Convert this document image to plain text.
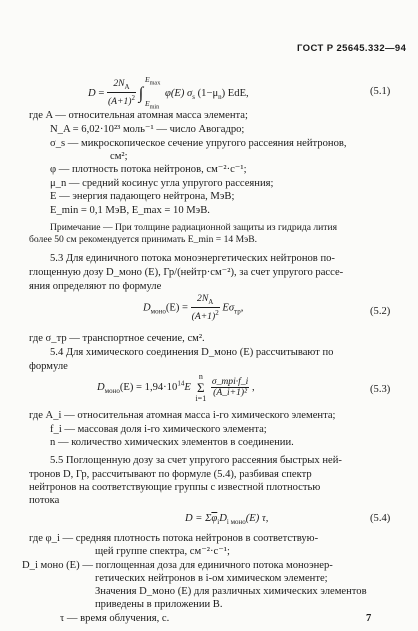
ГОСТ Р 25645.332—94
$D = \frac{2N_A}{(A+1)^2}$ ∫
$E_{max}$
$E_{min}$
φ(E) $\sigma_s$ $(1-\mu_n)$ EdE,	(5.1)
где A — относительная атомная масса элемента;
N_A = 6,02·10²³ моль⁻¹ — число Авогадро;
σ_s — микроскопическое сечение упругого рассеяния нейтронов,
см²;
φ — плотность потока нейтронов, см⁻²·с⁻¹;
μ_n — средний косинус угла упругого рассеяния;
E — энергия падающего нейтрона, МэВ;
E_min = 0,1 МэВ, E_max = 10 МэВ.
Примечание — При толщине радиационной защиты из гидрида лития
более 50 см рекомендуется принимать E_min = 14 МэВ.
5.3 Для единичного потока моноэнергетических нейтронов по-
глощенную дозу D_моно (E), Гр/(нейтр·см⁻²), за счет упругого рассе-
яния определяют по формуле
$D_{моно}(E) = \frac{2N_A}{(A+1)^2} E\sigma_{тр}$,	(5.2)
где σ_тр — транспортное сечение, см².
5.4 Для химического соединения D_моно (E) рассчитывают по
формуле
$D_{моно}(E) = 1,94\cdot 10^{14}E$ n
Σ
i=1
$\frac{\text{σ\_трi·f\_i}}{\text{(A\_i+1)²}}$ ,	(5.3)
где A_i — относительная атомная масса i-го химического элемента;
f_i — массовая доля i-го химического элемента;
n — количество химических элементов в соединении.
5.5 Поглощенную дозу за счет упругого рассеяния быстрых ней-
тронов D, Гр, рассчитывают по формуле (5.4), разбивая спектр
нейтронов на соответствующие группы с известной плотностью
потока
$D = \Sigma\overline{\varphi}_iD_{i моно}(E)$ τ,	(5.4)
где φ_i — средняя плотность потока нейтронов в соответствую-
щей группе спектра, см⁻²·с⁻¹;
D_i моно (E) — поглощенная доза для единичного потока моноэнер-
гетических нейтронов в i-ом химическом элементе;
Значения D_моно (E) для различных химических элементов
приведены в приложении В.
τ — время облучения, с.	7
